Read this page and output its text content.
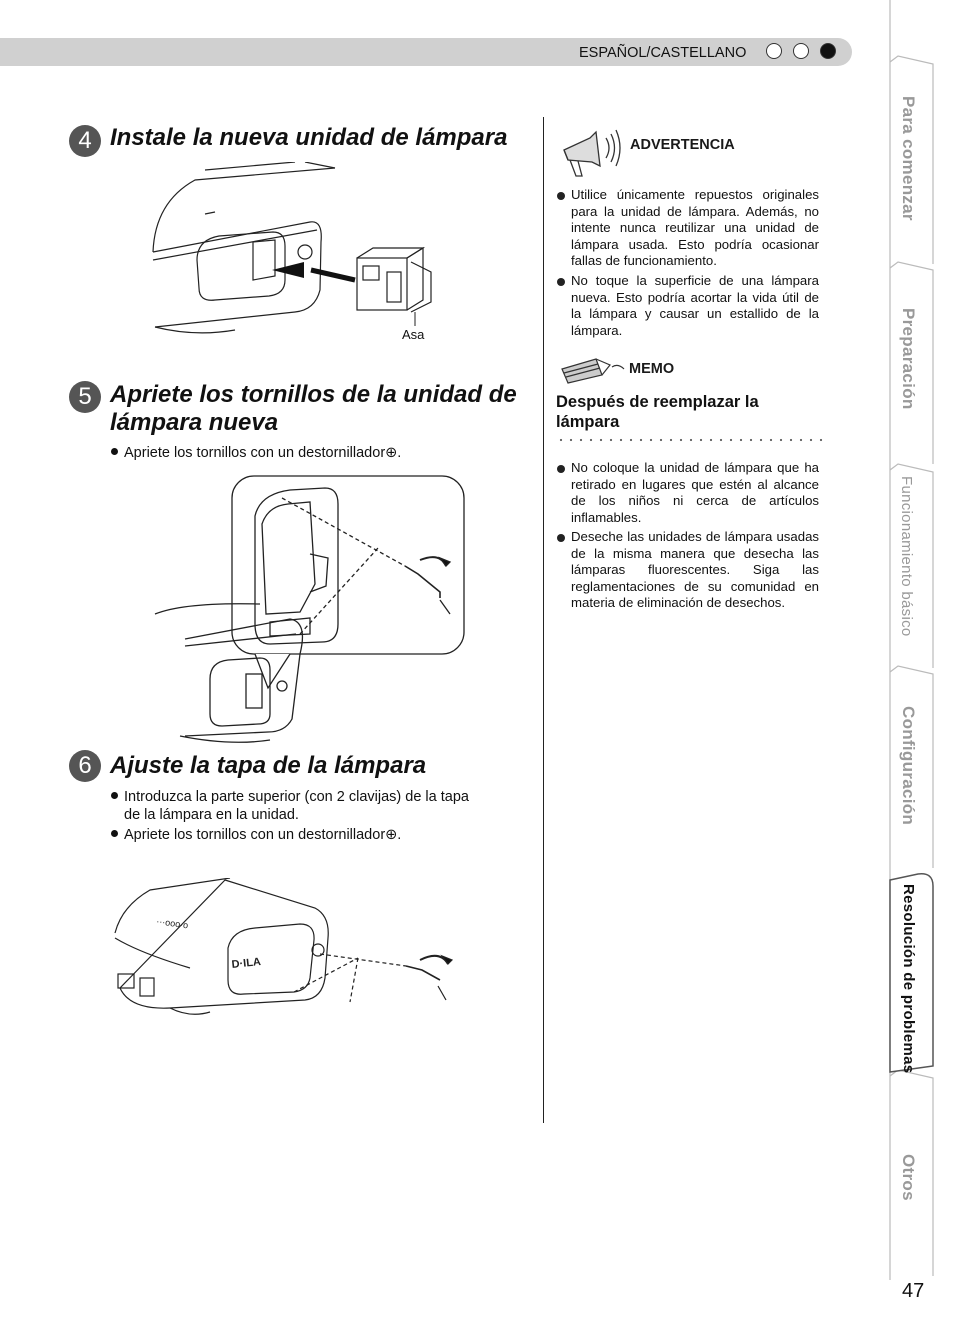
ESPAÑOL/CASTELLANO
4 Instale la nueva unidad de lámpara
Asa
5 Apriete los tornillos de la unidad de
lámpara nueva
Apriete los tornillos con un destornillador⊕.
6 Ajuste la tapa de la lámpara
Introduzca la parte superior (con 2 clavijas) de la tapa
de la lámpara en la unidad.
Apriete los tornillos con un destornillador⊕.
D·ILA
···ooo·o
ADVERTENCIA
Utilice únicamente repuestos originales para la unidad de lámpara. Además, no intente nunca reutilizar una unidad de lámpara usada. Esto podría ocasionar fallas de funcionamiento.
No toque la superficie de una lámpara nueva. Esto podría acortar la vida útil de la lámpara y causar un estallido de la lámpara.
MEMO
Después de reemplazar la
lámpara
No coloque la unidad de lámpara que ha retirado en lugares que estén al alcance de los niños ni cerca de artículos inflamables.
Deseche las unidades de lámpara usadas de la misma manera que desecha las lámparas fluorescentes. Siga las reglamentaciones de su comunidad en materia de eliminación de desechos.
Para comenzar
Preparación
Funcionamiento básico
Configuración
Resolución de problemas
Otros
47
